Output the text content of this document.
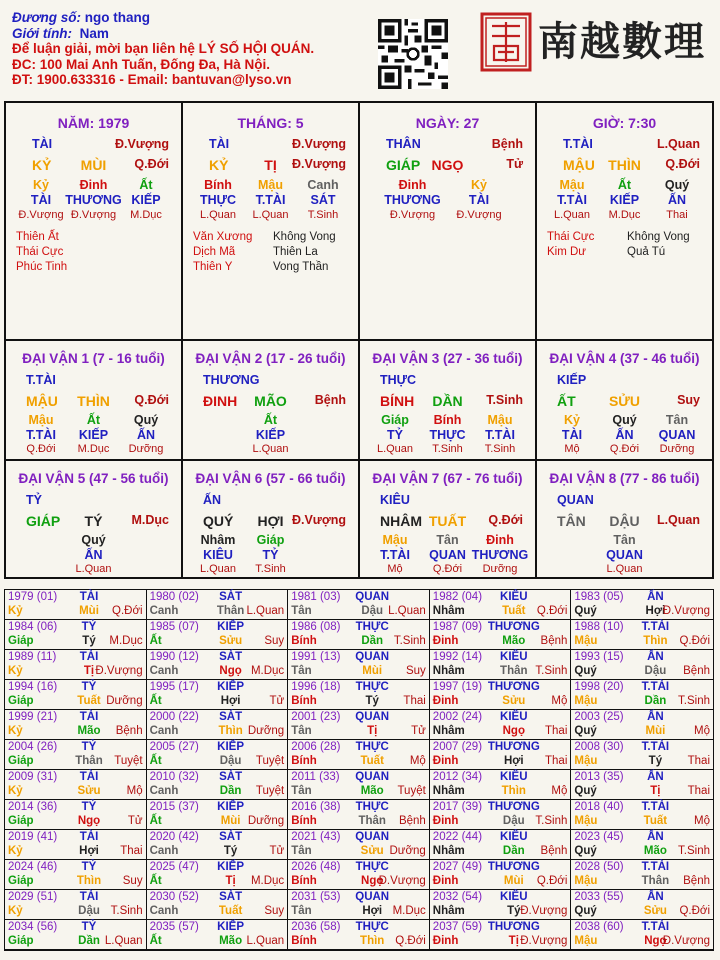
Đương số: ngo thang
Giới tính: Nam
Để luận giải, mời bạn liên hệ LÝ SỐ HỘI QUÁN.
ĐC: 100 Mai Anh Tuấn, Đống Đa, Hà Nội.
ĐT: 1900.633316 - Email: bantuvan@lyso.vn
南越數理
NĂM: 1979
TÀI	Đ.Vượng
KỶ MÙI Q.Đới
Kỷ Đinh	Ất
TÀI THƯƠNG KIẾP
Đ.Vượng Đ.Vượng M.Dục
Thiên Ất
Thái Cực
Phúc Tinh
THÁNG: 5
TÀI	Đ.Vượng
KỶ	TỊ Đ.Vượng
Bính Mậu Canh
THỰC T.TÀI SÁT
L.Quan L.Quan T.Sinh
Văn Xương
Dịch Mã
Thiên Y
Không Vong
Thiên La
Vong Thần
NGÀY: 27
THÂN	Bệnh
GIÁP NGỌ	Tử
Đinh	Kỷ
THƯƠNG TÀI
Đ.Vượng Đ.Vượng
GIỜ: 7:30
T.TÀI	L.Quan
MẬU THÌN Q.Đới
Mậu	Ất	Quý
T.TÀI KIẾP ẤN
L.Quan M.Dục Thai
Thái Cực
Kim Dư
Không Vong
Quả Tú
ĐẠI VẬN 1 (7 - 16 tuổi)
T.TÀI
MẬU THÌN Q.Đới
Mậu	Ất	Quý
T.TÀI KIẾP ẤN
Q.Đới M.Dục Dưỡng
ĐẠI VẬN 2 (17 - 26 tuổi)
THƯƠNG
ĐINH MÃO Bệnh
Ất
KIẾP
L.Quan
ĐẠI VẬN 3 (27 - 36 tuổi)
THỰC
BÍNH DẦN T.Sinh
Giáp Bính Mậu
TỶ THỰC T.TÀI
L.Quan T.Sinh T.Sinh
ĐẠI VẬN 4 (37 - 46 tuổi)
KIẾP
ẤT SỬU	Suy
Kỷ	Quý Tân
TÀI	ẤN QUAN
Mộ	Q.Đới Dưỡng
ĐẠI VẬN 5 (47 - 56 tuổi)
TỶ
GIÁP TÝ M.Dục
Quý
ẤN
L.Quan
ĐẠI VẬN 6 (57 - 66 tuổi)
ẤN
QUÝ HỢI Đ.Vượng
Nhâm Giáp
KIÊU TỶ
L.Quan T.Sinh
ĐẠI VẬN 7 (67 - 76 tuổi)
KIÊU
NHÂM TUẤT Q.Đới
Mậu Tân Đinh
T.TÀI QUAN THƯƠNG
Mộ	Q.Đới Dưỡng
ĐẠI VẬN 8 (77 - 86 tuổi)
QUAN
TÂN DẬU L.Quan
Tân
QUAN
L.Quan
1979 (01) TÀI
Kỷ	Mùi Q.Đới
1980 (02) SÁT
Canh	Thân L.Quan
1981 (03) QUAN
Tân	Dậu L.Quan
1982 (04) KIÊU
Nhâm	Tuất Q.Đới
1983 (05) ẤN
Quý	Hợi
Đ.Vượng
1984 (06) TỶ
Giáp	Tý M.Dục
1985 (07) KIẾP
Ất	Sửu Suy
1986 (08) THỰC
Bính	Dần T.Sinh
1987 (09) THƯƠNG
Đinh	Mão Bệnh
1988 (10) T.TÀI
Mậu	Thìn Q.Đới
1989 (11) TÀI
Kỷ	Tị Đ.Vượng
1990 (12) SÁT
Canh	Ngọ M.Dục
1991 (13) QUAN
Tân	Mùi Suy
1992 (14) KIÊU
Nhâm	Thân T.Sinh
1993 (15) ẤN
Quý	Dậu Bệnh
1994 (16) TỶ
Giáp	Tuất Dưỡng
1995 (17) KIẾP
Ất	Hợi	Tử
1996 (18) THỰC
Bính	Tý Thai
1997 (19) THƯƠNG
Đinh	Sửu Mộ
1998 (20) T.TÀI
Mậu	Dần T.Sinh
1999 (21) TÀI
Kỷ	Mão Bệnh
2000 (22) SÁT
Canh	Thìn Dưỡng
2001 (23) QUAN
Tân	Tị	Tử
2002 (24) KIÊU
Nhâm	Ngọ Thai
2003 (25) ẤN
Quý	Mùi Mộ
2004 (26) TỶ
Giáp	Thân Tuyệt
2005 (27) KIẾP
Ất	Dậu Tuyệt
2006 (28) THỰC
Bính	Tuất Mộ
2007 (29) THƯƠNG
Đinh	Hợi Thai
2008 (30) T.TÀI
Mậu	Tý Thai
2009 (31) TÀI
Kỷ	Sửu Mộ
2010 (32) SÁT
Canh	Dần Tuyệt
2011 (33) QUAN
Tân	Mão Tuyệt
2012 (34) KIÊU
Nhâm	Thìn Mộ
2013 (35) ẤN
Quý	Tị Thai
2014 (36) TỶ
Giáp	Ngọ Tử
2015 (37) KIẾP
Ất	Mùi Dưỡng
2016 (38) THỰC
Bính	Thân Bệnh
2017 (39) THƯƠNG
Đinh	Dậu T.Sinh
2018 (40) T.TÀI
Mậu	Tuất Mộ
2019 (41) TÀI
Kỷ	Hợi Thai
2020 (42) SÁT
Canh	Tý	Tử
2021 (43) QUAN
Tân	Sửu Dưỡng
2022 (44) KIÊU
Nhâm	Dần Bệnh
2023 (45) ẤN
Quý	Mão T.Sinh
2024 (46) TỶ
Giáp	Thìn Suy
2025 (47) KIẾP
Ất	Tị M.Dục
2026 (48) THỰC
Bính	Ngọ
Đ.Vượng
2027 (49) THƯƠNG
Đinh	Mùi Q.Đới
2028 (50) T.TÀI
Mậu	Thân Bệnh
2029 (51) TÀI
Kỷ	Dậu T.Sinh
2030 (52) SÁT
Canh	Tuất Suy
2031 (53) QUAN
Tân	Hợi M.Dục
2032 (54) KIÊU
Nhâm	Tý Đ.Vượng
2033 (55) ẤN
Quý	Sửu Q.Đới
2034 (56) TỶ
Giáp	Dần L.Quan
2035 (57) KIẾP
Ất	Mão L.Quan
2036 (58) THỰC
Bính	Thìn Q.Đới
2037 (59) THƯƠNG
Đinh	Tị Đ.Vượng
2038 (60) T.TÀI
Mậu	Ngọ
Đ.Vượng
